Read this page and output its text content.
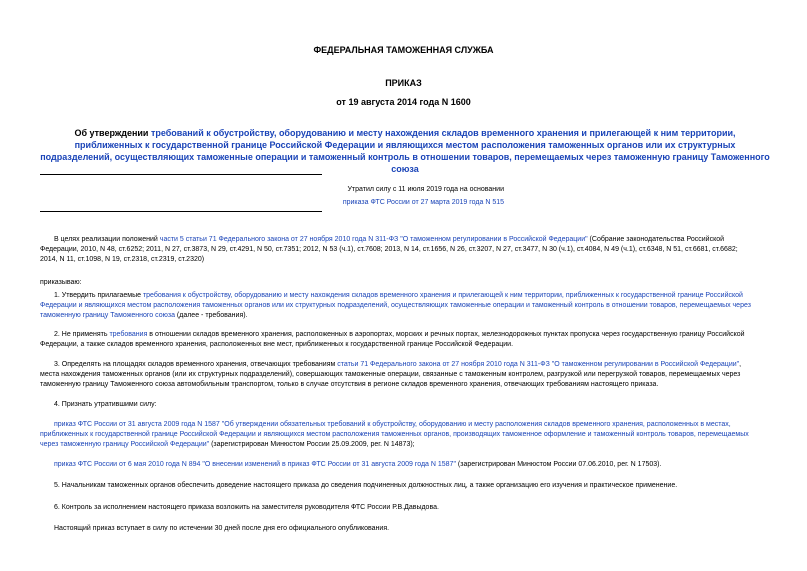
ФЕДЕРАЛЬНАЯ ТАМОЖЕННАЯ СЛУЖБА
ПРИКАЗ
от 19 августа 2014 года N 1600
Об утверждении требований к обустройству, оборудованию и месту нахождения складов временного хранения и прилегающей к ним территории, приближенных к государственной границе Российской Федерации и являющихся местом расположения таможенных органов или их структурных подразделений, осуществляющих таможенные операции и таможенный контроль в отношении товаров, перемещаемых через таможенную границу Таможенного союза
Утратил силу с 11 июля 2019 года на основании
приказа ФТС России от 27 марта 2019 года N 515
В целях реализации положений части 5 статьи 71 Федерального закона от 27 ноября 2010 года N 311-ФЗ "О таможенном регулировании в Российской Федерации" (Собрание законодательства Российской
Федерации, 2010, N 48, ст.6252; 2011, N 27, ст.3873, N 29, ст.4291, N 50, ст.7351; 2012, N 53 (ч.1), ст.7608; 2013, N 14, ст.1656, N 26, ст.3207, N 27, ст.3477, N 30 (ч.1), ст.4084, N 49 (ч.1), ст.6348, N 51, ст.6681, ст.6682;
2014, N 11, ст.1098, N 19, ст.2318, ст.2319, ст.2320)
приказываю:
1. Утвердить прилагаемые требования к обустройству, оборудованию и месту нахождения складов временного хранения и прилегающей к ним территории, приближенных к государственной границе Российской
Федерации и являющихся местом расположения таможенных органов или их структурных подразделений, осуществляющих таможенные операции и таможенный контроль в отношении товаров, перемещаемых через
таможенную границу Таможенного союза (далее - требования).
2. Не применять требования в отношении складов временного хранения, расположенных в аэропортах, морских и речных портах, железнодорожных пунктах пропуска через государственную границу Российской
Федерации, а также складов временного хранения, расположенных вне мест, приближенных к государственной границе Российской Федерации.
3. Определять на площадях складов временного хранения, отвечающих требованиям статьи 71 Федерального закона от 27 ноября 2010 года N 311-ФЗ "О таможенном регулировании в Российской Федерации",
места нахождения таможенных органов (или их структурных подразделений), совершающих таможенные операции, связанные с таможенным контролем, разгрузкой или перегрузкой товаров, перемещаемых через
таможенную границу Таможенного союза автомобильным транспортом, только в случае отсутствия в регионе складов временного хранения, отвечающих требованиям настоящего приказа.
4. Признать утратившими силу:
приказ ФТС России от 31 августа 2009 года N 1587 "Об утверждении обязательных требований к обустройству, оборудованию и месту расположения складов временного хранения, расположенных в местах,
приближенных к государственной границе Российской Федерации и являющихся местом расположения таможенных органов, производящих таможенное оформление и таможенный контроль товаров, перемещаемых
через таможенную границу Российской Федерации" (зарегистрирован Минюстом России 25.09.2009, рег. N 14873);
приказ ФТС России от 6 мая 2010 года N 894 "О внесении изменений в приказ ФТС России от 31 августа 2009 года N 1587" (зарегистрирован Минюстом России 07.06.2010, рег. N 17503).
5. Начальникам таможенных органов обеспечить доведение настоящего приказа до сведения подчиненных должностных лиц, а также организацию его изучения и практическое применение.
6. Контроль за исполнением настоящего приказа возложить на заместителя руководителя ФТС России Р.В.Давыдова.
Настоящий приказ вступает в силу по истечении 30 дней после дня его официального опубликования.
